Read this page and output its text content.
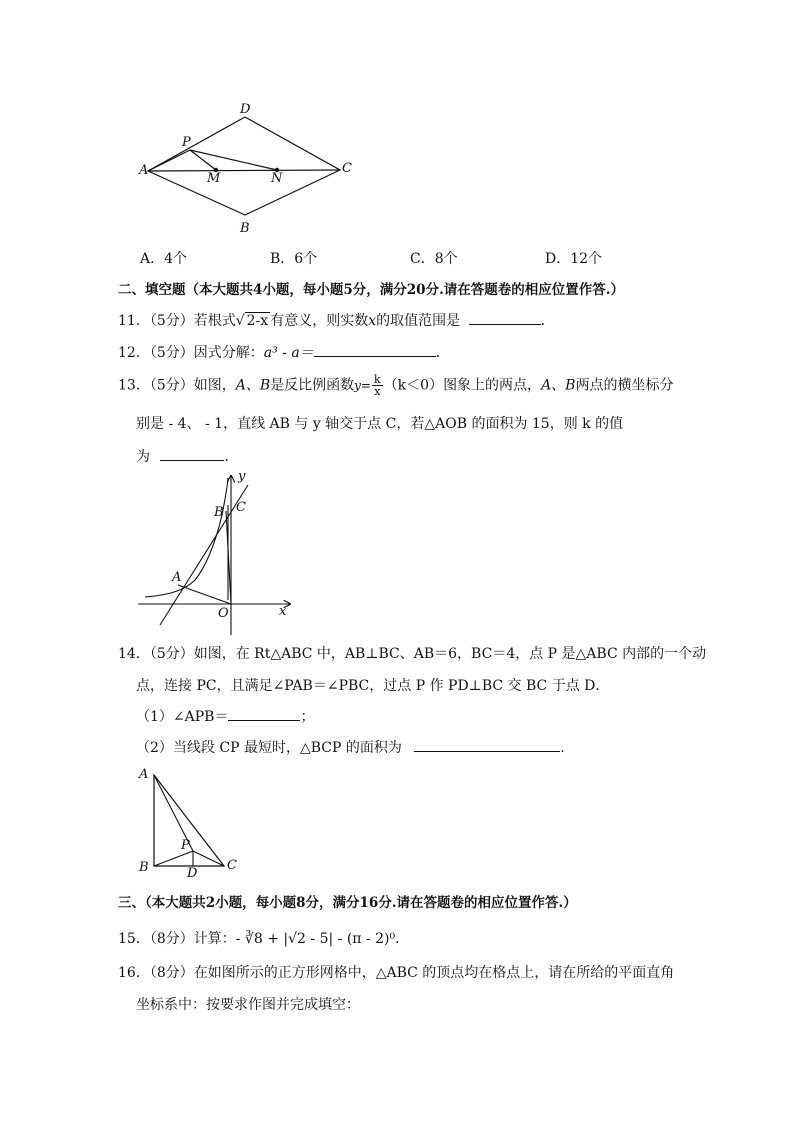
D
P
A
M	N
C
B
A．4个	B．6个	C．8个	D．12个
二、填空题（本大题共4小题，每小题5分，满分20分.请在答题卷的相应位置作答.）
11．（5分）若根式√ 2-x 有意义，则实数x的取值范围是	．
12．（5分）因式分解：a³ - a＝	．
13．（5分）如图，A、B是反比例函数$y= \frac{k}{x} (k<0)$图象上的两点，A、B两点的横坐标分
别是 - 4、 - 1，直线 AB 与 y 轴交于点 C，若△AOB 的面积为 15，则 k 的值
为	．
y
B C
A
O	x
14．（5分）如图，在 Rt△ABC 中，AB⊥BC、AB＝6，BC＝4，点 P 是△ABC 内部的一个动
点，连接 PC，且满足∠PAB＝∠PBC，过点 P 作 PD⊥BC 交 BC 于点 D．
（1）∠APB＝	；
（2）当线段 CP 最短时，△BCP 的面积为	．
A
B
P
D
C
三、（本大题共2小题，每小题8分，满分16分.请在答题卷的相应位置作答.）
15．（8分）计算：- ∛8 + |√2 - 5| - (π - 2)⁰．
16．（8分）在如图所示的正方形网格中，△ABC 的顶点均在格点上，请在所给的平面直角
坐标系中：按要求作图并完成填空：
